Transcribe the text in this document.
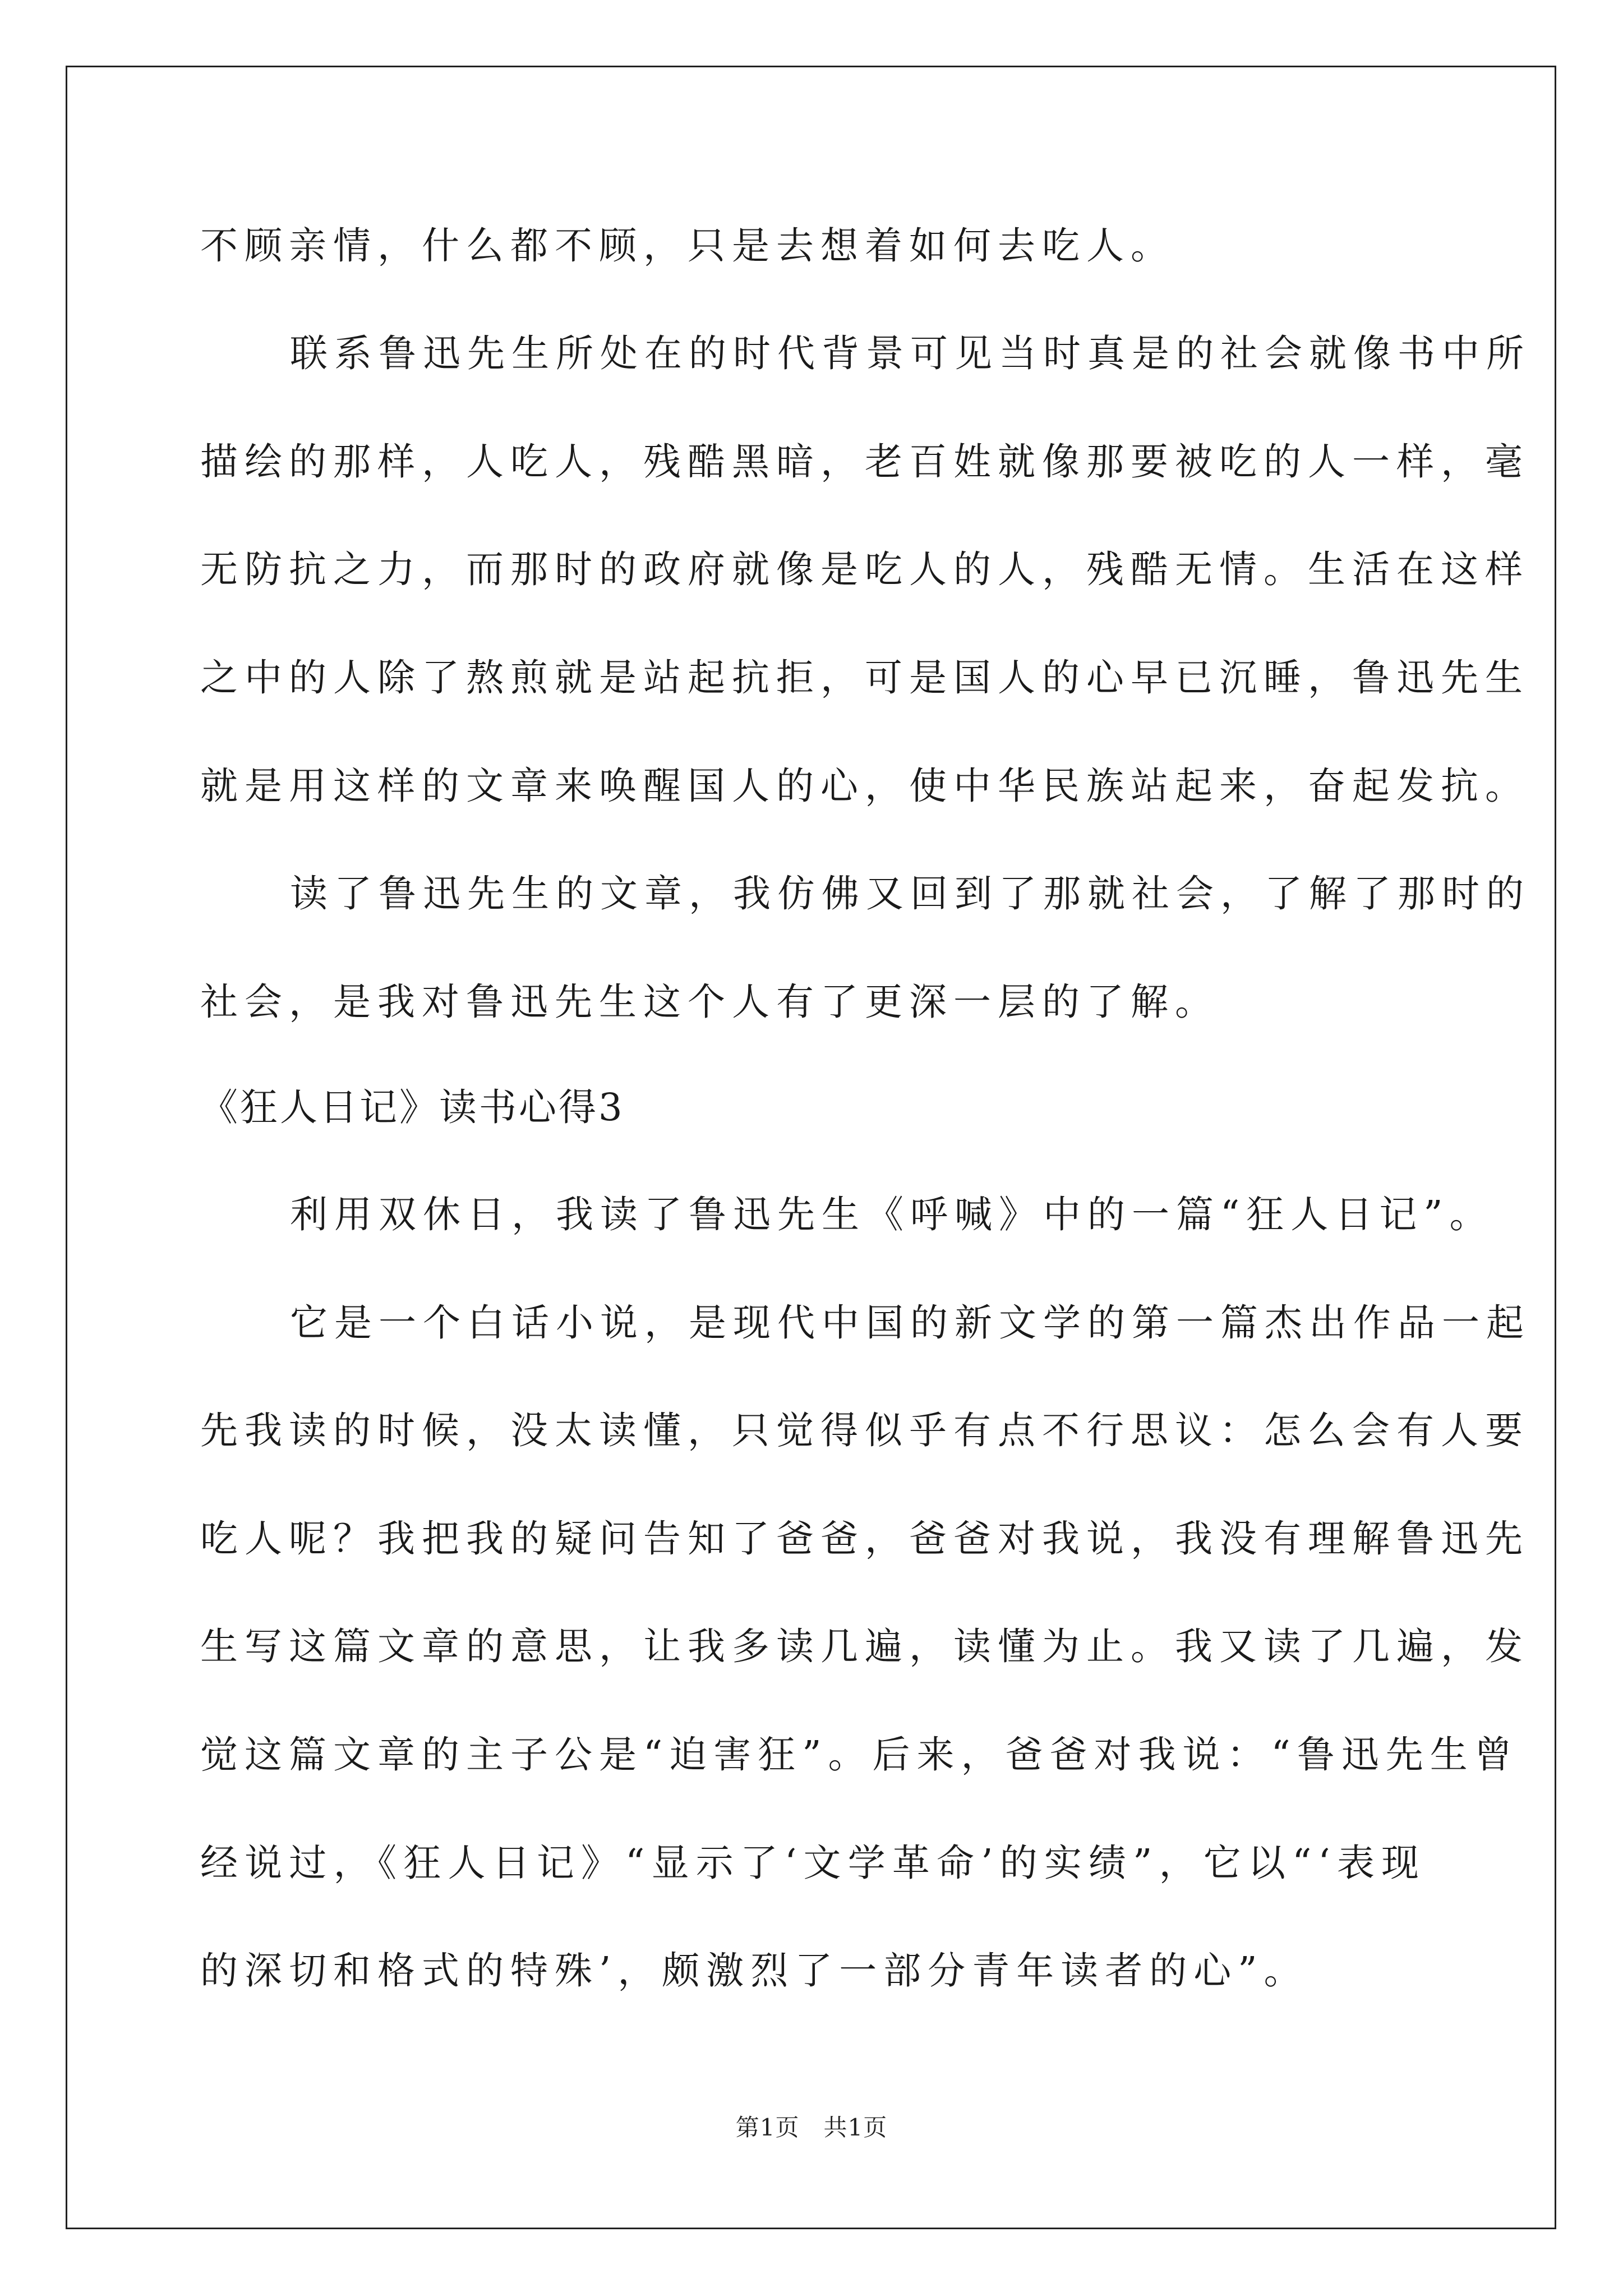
不顾亲情，什么都不顾，只是去想着如何去吃人。
联系鲁迅先生所处在的时代背景可见当时真是的社会就像书中所
描绘的那样，人吃人，残酷黑暗，老百姓就像那要被吃的人一样，毫
无防抗之力，而那时的政府就像是吃人的人，残酷无情。生活在这样
之中的人除了熬煎就是站起抗拒，可是国人的心早已沉睡，鲁迅先生
就是用这样的文章来唤醒国人的心，使中华民族站起来，奋起发抗。
读了鲁迅先生的文章，我仿佛又回到了那就社会，了解了那时的
社会，是我对鲁迅先生这个人有了更深一层的了解。
《狂人日记》读书心得3
利用双休日，我读了鲁迅先生《呼喊》中的一篇“狂人日记”。
它是一个白话小说，是现代中国的新文学的第一篇杰出作品一起
先我读的时候，没太读懂，只觉得似乎有点不行思议：怎么会有人要
吃人呢？我把我的疑问告知了爸爸，爸爸对我说，我没有理解鲁迅先
生写这篇文章的意思，让我多读几遍，读懂为止。我又读了几遍，发
觉这篇文章的主子公是“迫害狂”。后来，爸爸对我说：“鲁迅先生曾
经说过，《狂人日记》“显示了‘文学革命’的实绩”，它以“‘表现
的深切和格式的特殊’，颇激烈了一部分青年读者的心”。
第1页　共1页
